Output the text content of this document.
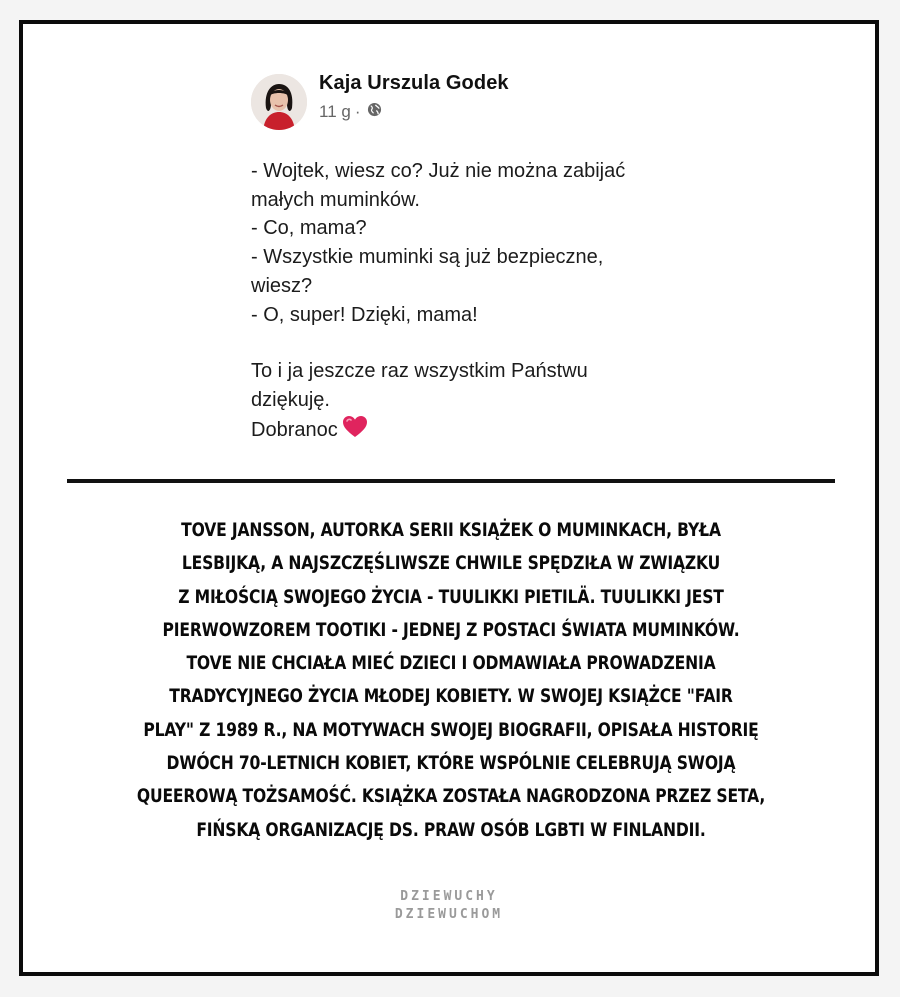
Kaja Urszula Godek
11 g ·
- Wojtek, wiesz co? Już nie można zabijać
małych muminków.
- Co, mama?
- Wszystkie muminki są już bezpieczne,
wiesz?
- O, super! Dzięki, mama!
To i ja jeszcze raz wszystkim Państwu
dziękuję.
Dobranoc
TOVE JANSSON, AUTORKA SERII KSIĄŻEK O MUMINKACH, BYŁA
LESBIJKĄ, A NAJSZCZĘŚLIWSZE CHWILE SPĘDZIŁA W ZWIĄZKU
Z MIŁOŚCIĄ SWOJEGO ŻYCIA - TUULIKKI PIETILÄ. TUULIKKI JEST
PIERWOWZOREM TOOTIKI - JEDNEJ Z POSTACI ŚWIATA MUMINKÓW.
TOVE NIE CHCIAŁA MIEĆ DZIECI I ODMAWIAŁA PROWADZENIA
TRADYCYJNEGO ŻYCIA MŁODEJ KOBIETY. W SWOJEJ KSIĄŻCE "FAIR
PLAY" Z 1989 R., NA MOTYWACH SWOJEJ BIOGRAFII, OPISAŁA HISTORIĘ
DWÓCH 70-LETNICH KOBIET, KTÓRE WSPÓLNIE CELEBRUJĄ SWOJĄ
QUEEROWĄ TOŻSAMOŚĆ. KSIĄŻKA ZOSTAŁA NAGRODZONA PRZEZ SETA,
FIŃSKĄ ORGANIZACJĘ DS. PRAW OSÓB LGBTI W FINLANDII.
DZIEWUCHY
DZIEWUCHOM
